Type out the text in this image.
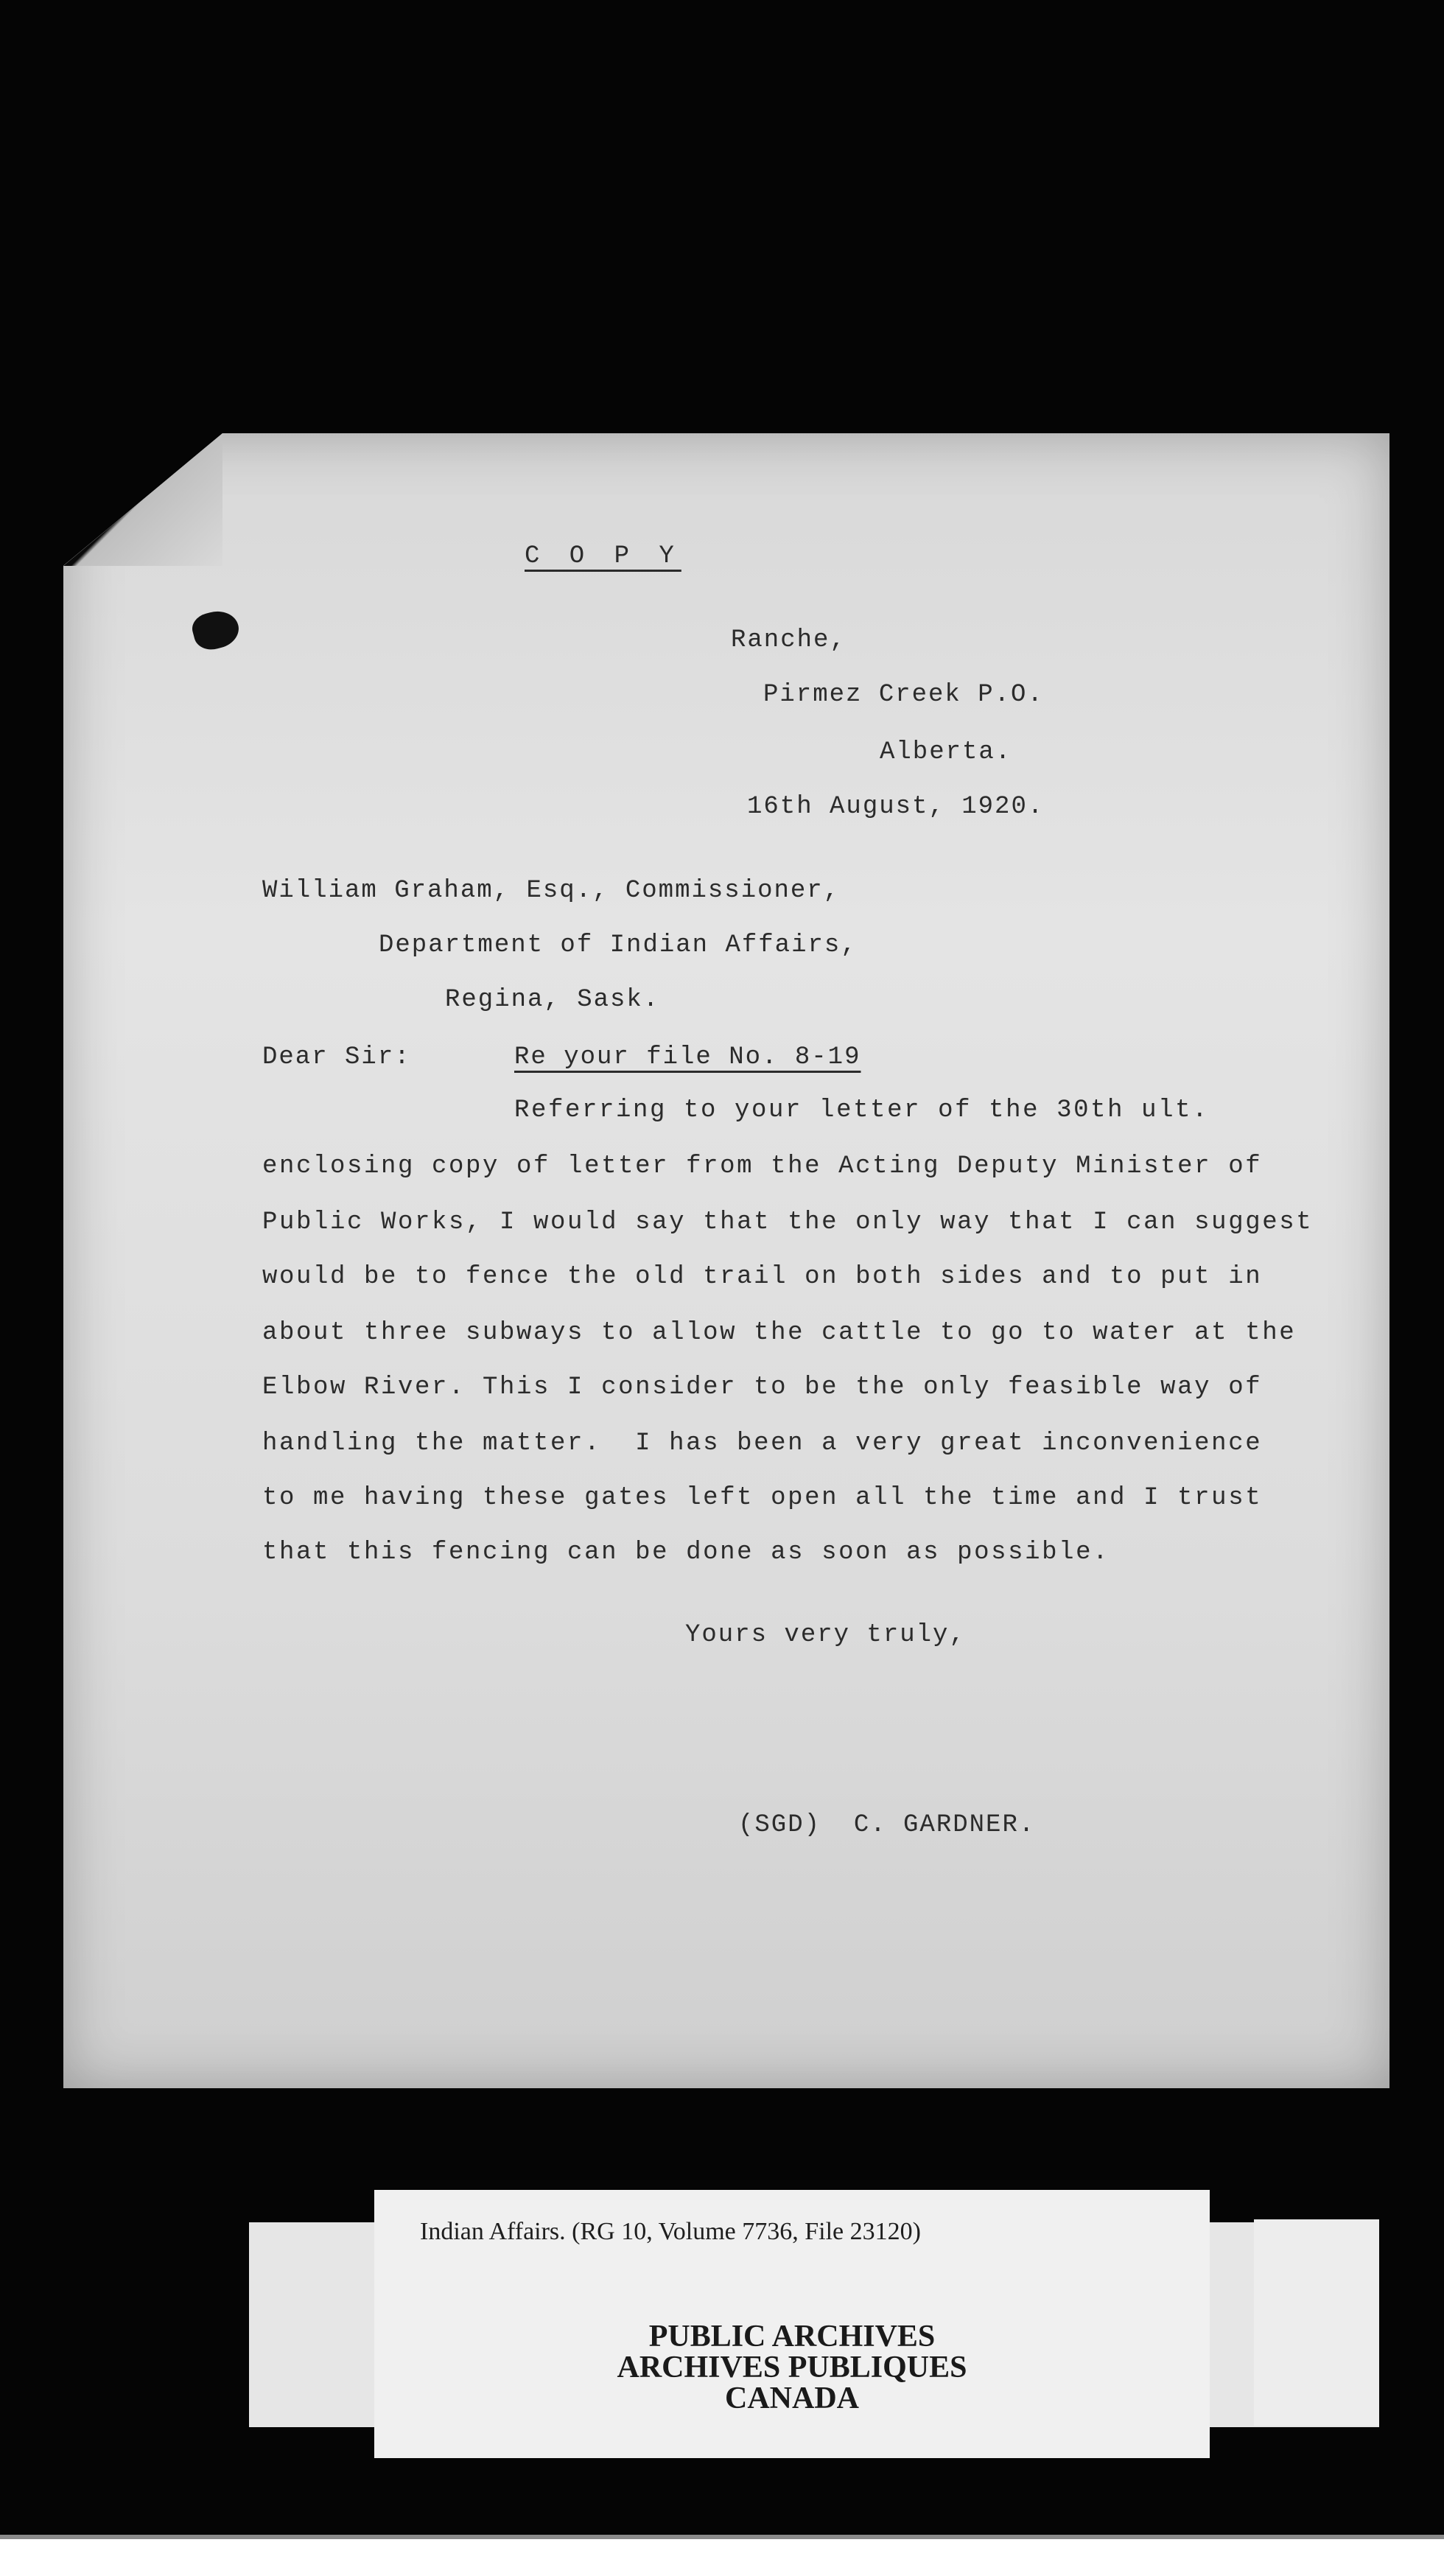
C O P Y
Ranche,
Pirmez Creek P.O.
Alberta.
16th August, 1920.
William Graham, Esq., Commissioner,
Department of Indian Affairs,
Regina, Sask.
Dear Sir:	Re your file No. 8-19
Referring to your letter of the 30th ult.
enclosing copy of letter from the Acting Deputy Minister of
Public Works, I would say that the only way that I can suggest
would be to fence the old trail on both sides and to put in
about three subways to allow the cattle to go to water at the
Elbow River. This I consider to be the only feasible way of
handling the matter.  I has been a very great inconvenience
to me having these gates left open all the time and I trust
that this fencing can be done as soon as possible.
Yours very truly,
(SGD)  C. GARDNER.
Indian Affairs. (RG 10, Volume 7736, File 23120)
PUBLIC ARCHIVES
ARCHIVES PUBLIQUES
CANADA
